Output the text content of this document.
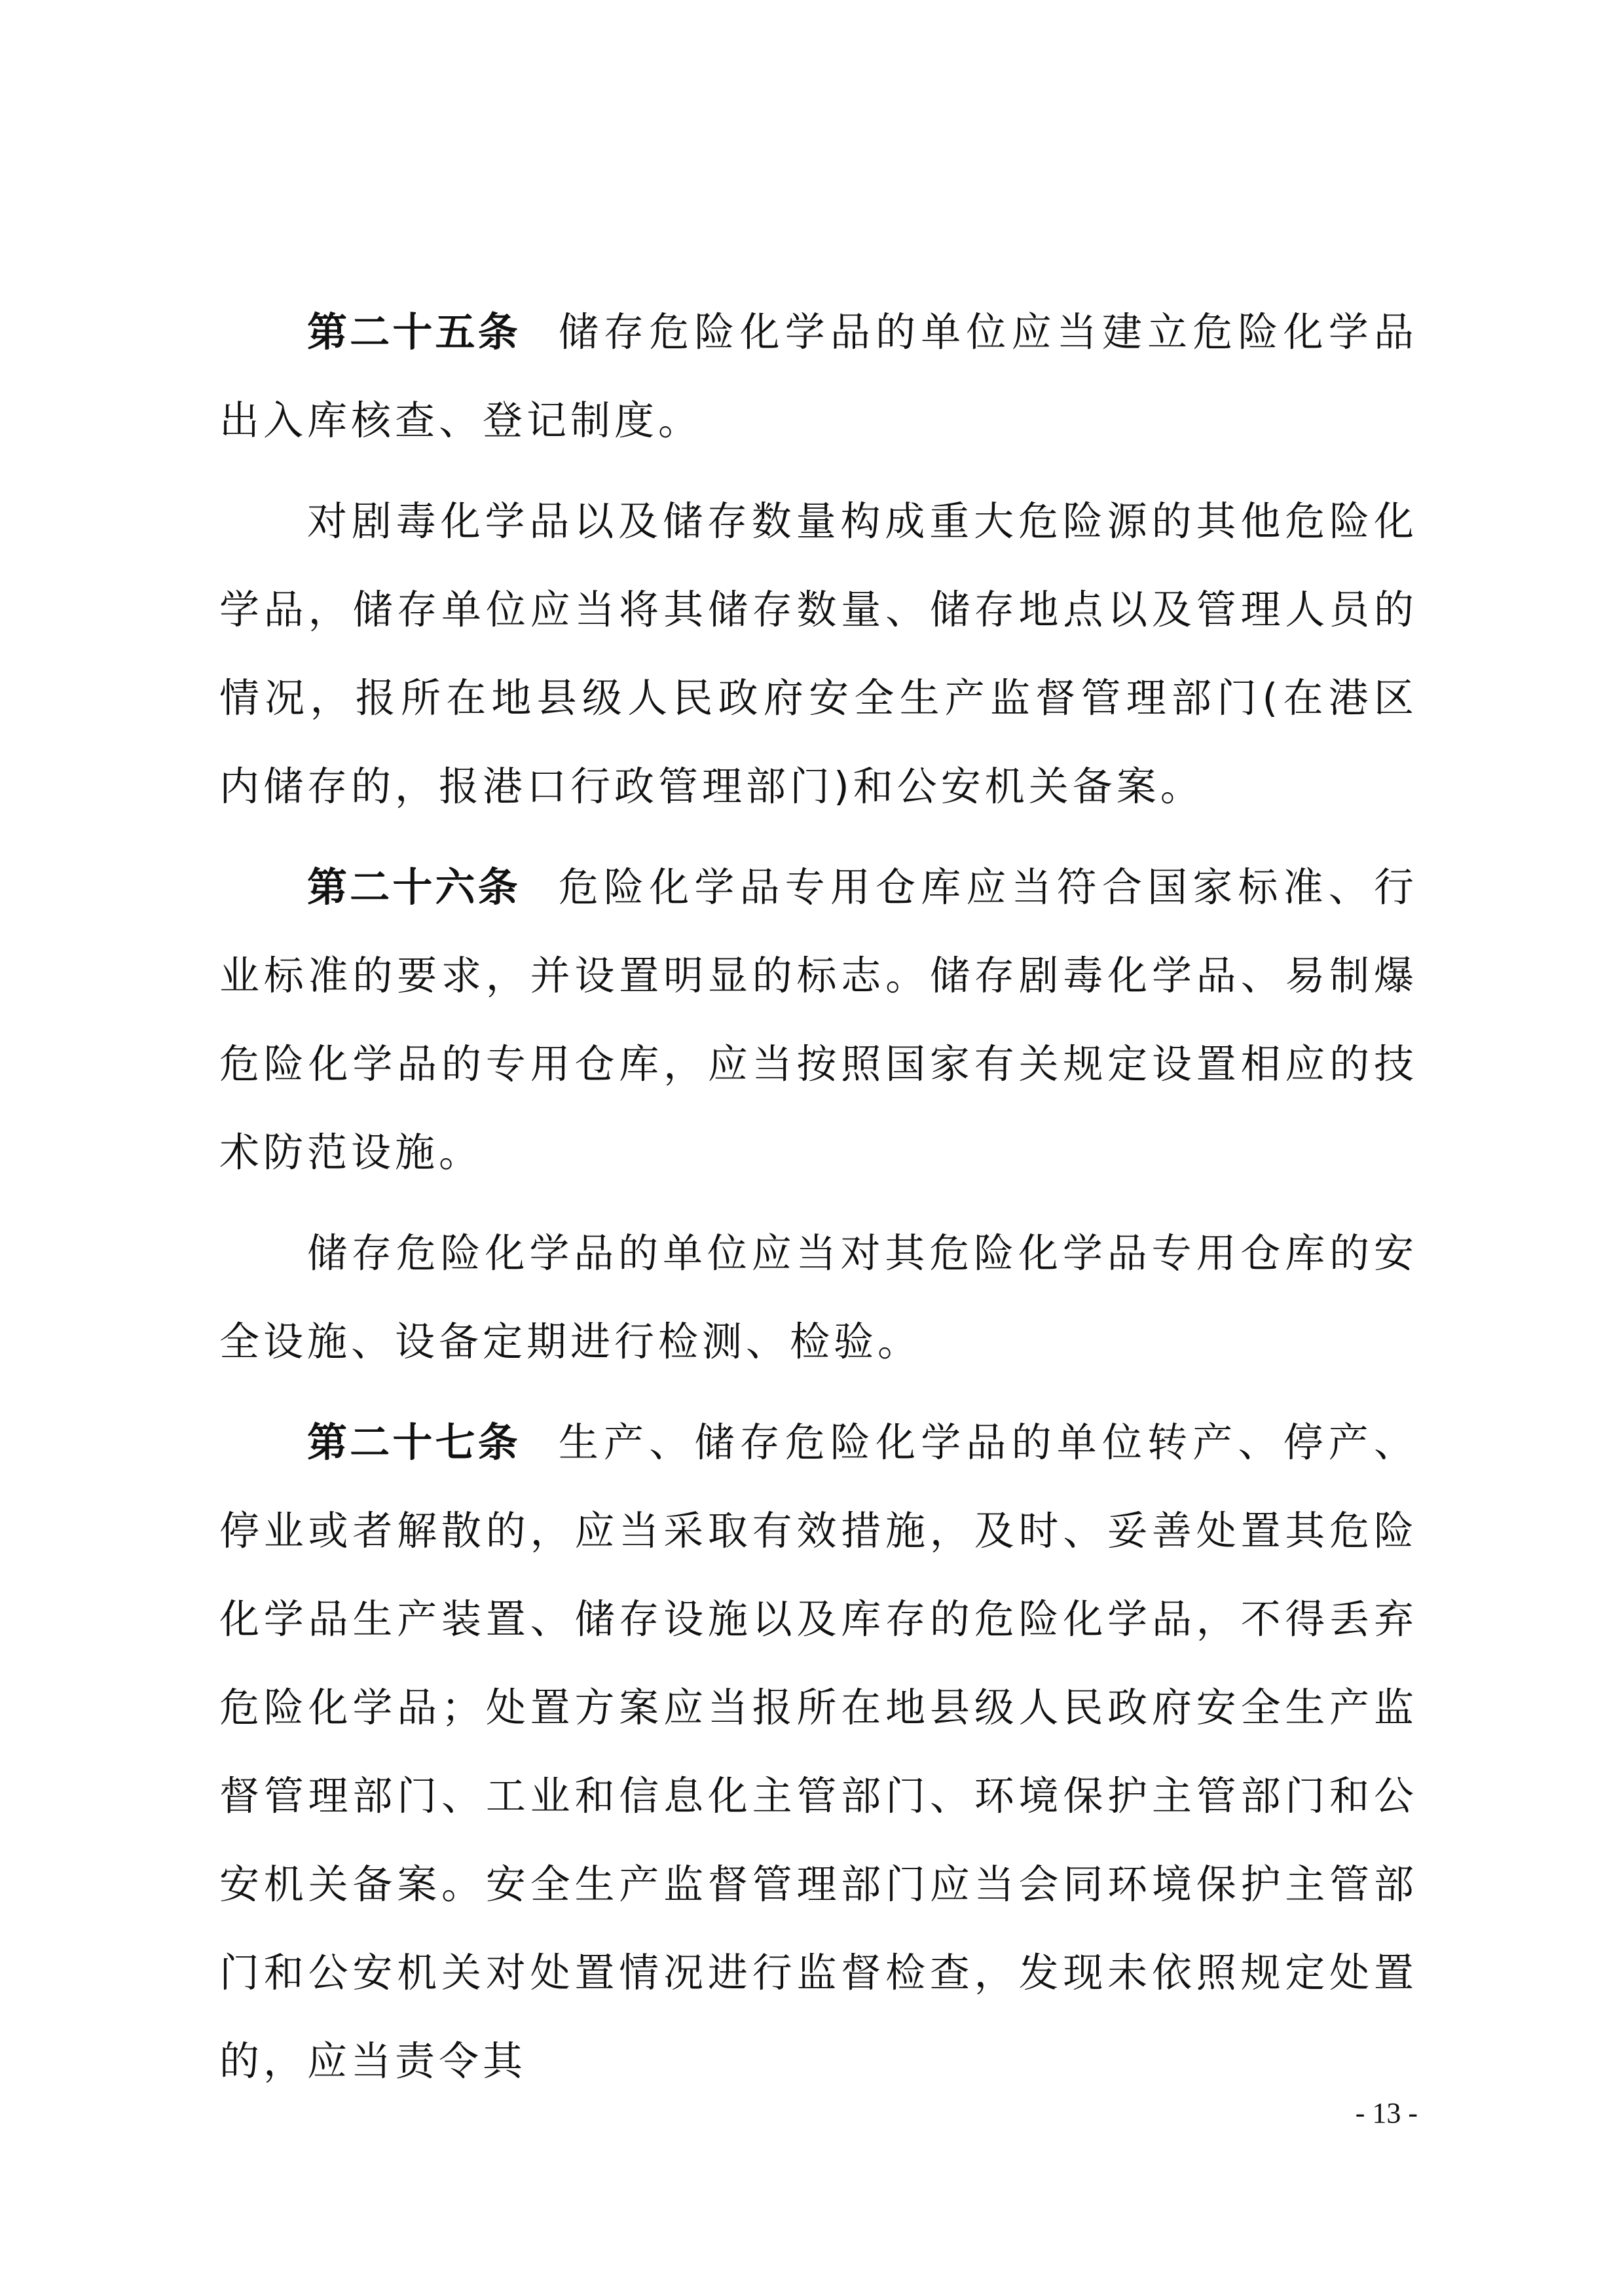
第二十五条 储存危险化学品的单位应当建立危险化学品出入库核查、登记制度。

对剧毒化学品以及储存数量构成重大危险源的其他危险化学品，储存单位应当将其储存数量、储存地点以及管理人员的情况，报所在地县级人民政府安全生产监督管理部门(在港区内储存的，报港口行政管理部门)和公安机关备案。

第二十六条 危险化学品专用仓库应当符合国家标准、行业标准的要求，并设置明显的标志。储存剧毒化学品、易制爆危险化学品的专用仓库，应当按照国家有关规定设置相应的技术防范设施。

储存危险化学品的单位应当对其危险化学品专用仓库的安全设施、设备定期进行检测、检验。

第二十七条 生产、储存危险化学品的单位转产、停产、停业或者解散的，应当采取有效措施，及时、妥善处置其危险化学品生产装置、储存设施以及库存的危险化学品，不得丢弃危险化学品；处置方案应当报所在地县级人民政府安全生产监督管理部门、工业和信息化主管部门、环境保护主管部门和公安机关备案。安全生产监督管理部门应当会同环境保护主管部门和公安机关对处置情况进行监督检查，发现未依照规定处置的，应当责令其

- 13 -
